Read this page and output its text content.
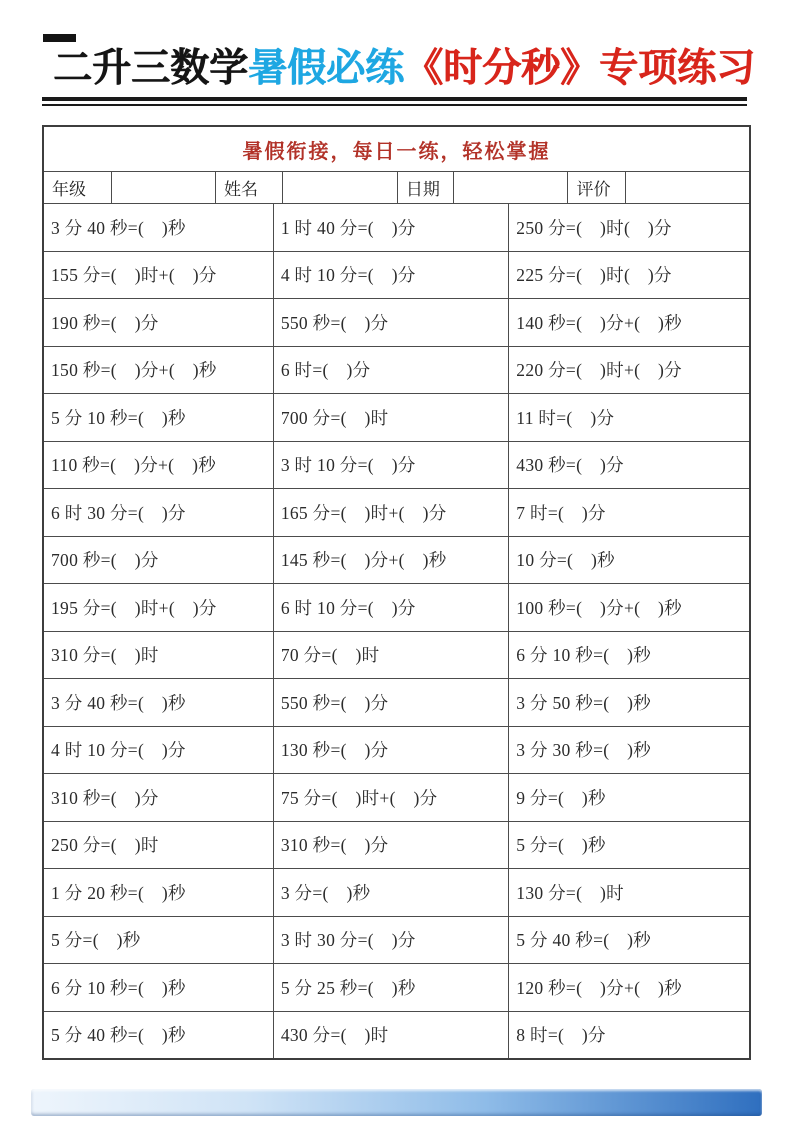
二升三数学暑假必练《时分秒》专项练习
暑假衔接，每日一练，轻松掌握
年级	姓名	日期	评价
3 分 40 秒=(　)秒	1 时 40 分=(　)分	250 分=(　)时(　)分
155 分=(　)时+(　)分	4 时 10 分=(　)分	225 分=(　)时(　)分
190 秒=(　)分	550 秒=(　)分	140 秒=(　)分+(　)秒
150 秒=(　)分+(　)秒	6 时=(　)分	220 分=(　)时+(　)分
5 分 10 秒=(　)秒	700 分=(　)时	11 时=(　)分
110 秒=(　)分+(　)秒	3 时 10 分=(　)分	430 秒=(　)分
6 时 30 分=(　)分	165 分=(　)时+(　)分	7 时=(　)分
700 秒=(　)分	145 秒=(　)分+(　)秒	10 分=(　)秒
195 分=(　)时+(　)分	6 时 10 分=(　)分	100 秒=(　)分+(　)秒
310 分=(　)时	70 分=(　)时	6 分 10 秒=(　)秒
3 分 40 秒=(　)秒	550 秒=(　)分	3 分 50 秒=(　)秒
4 时 10 分=(　)分	130 秒=(　)分	3 分 30 秒=(　)秒
310 秒=(　)分	75 分=(　)时+(　)分	9 分=(　)秒
250 分=(　)时	310 秒=(　)分	5 分=(　)秒
1 分 20 秒=(　)秒	3 分=(　)秒	130 分=(　)时
5 分=(　)秒	3 时 30 分=(　)分	5 分 40 秒=(　)秒
6 分 10 秒=(　)秒	5 分 25 秒=(　)秒	120 秒=(　)分+(　)秒
5 分 40 秒=(　)秒	430 分=(　)时	8 时=(　)分
